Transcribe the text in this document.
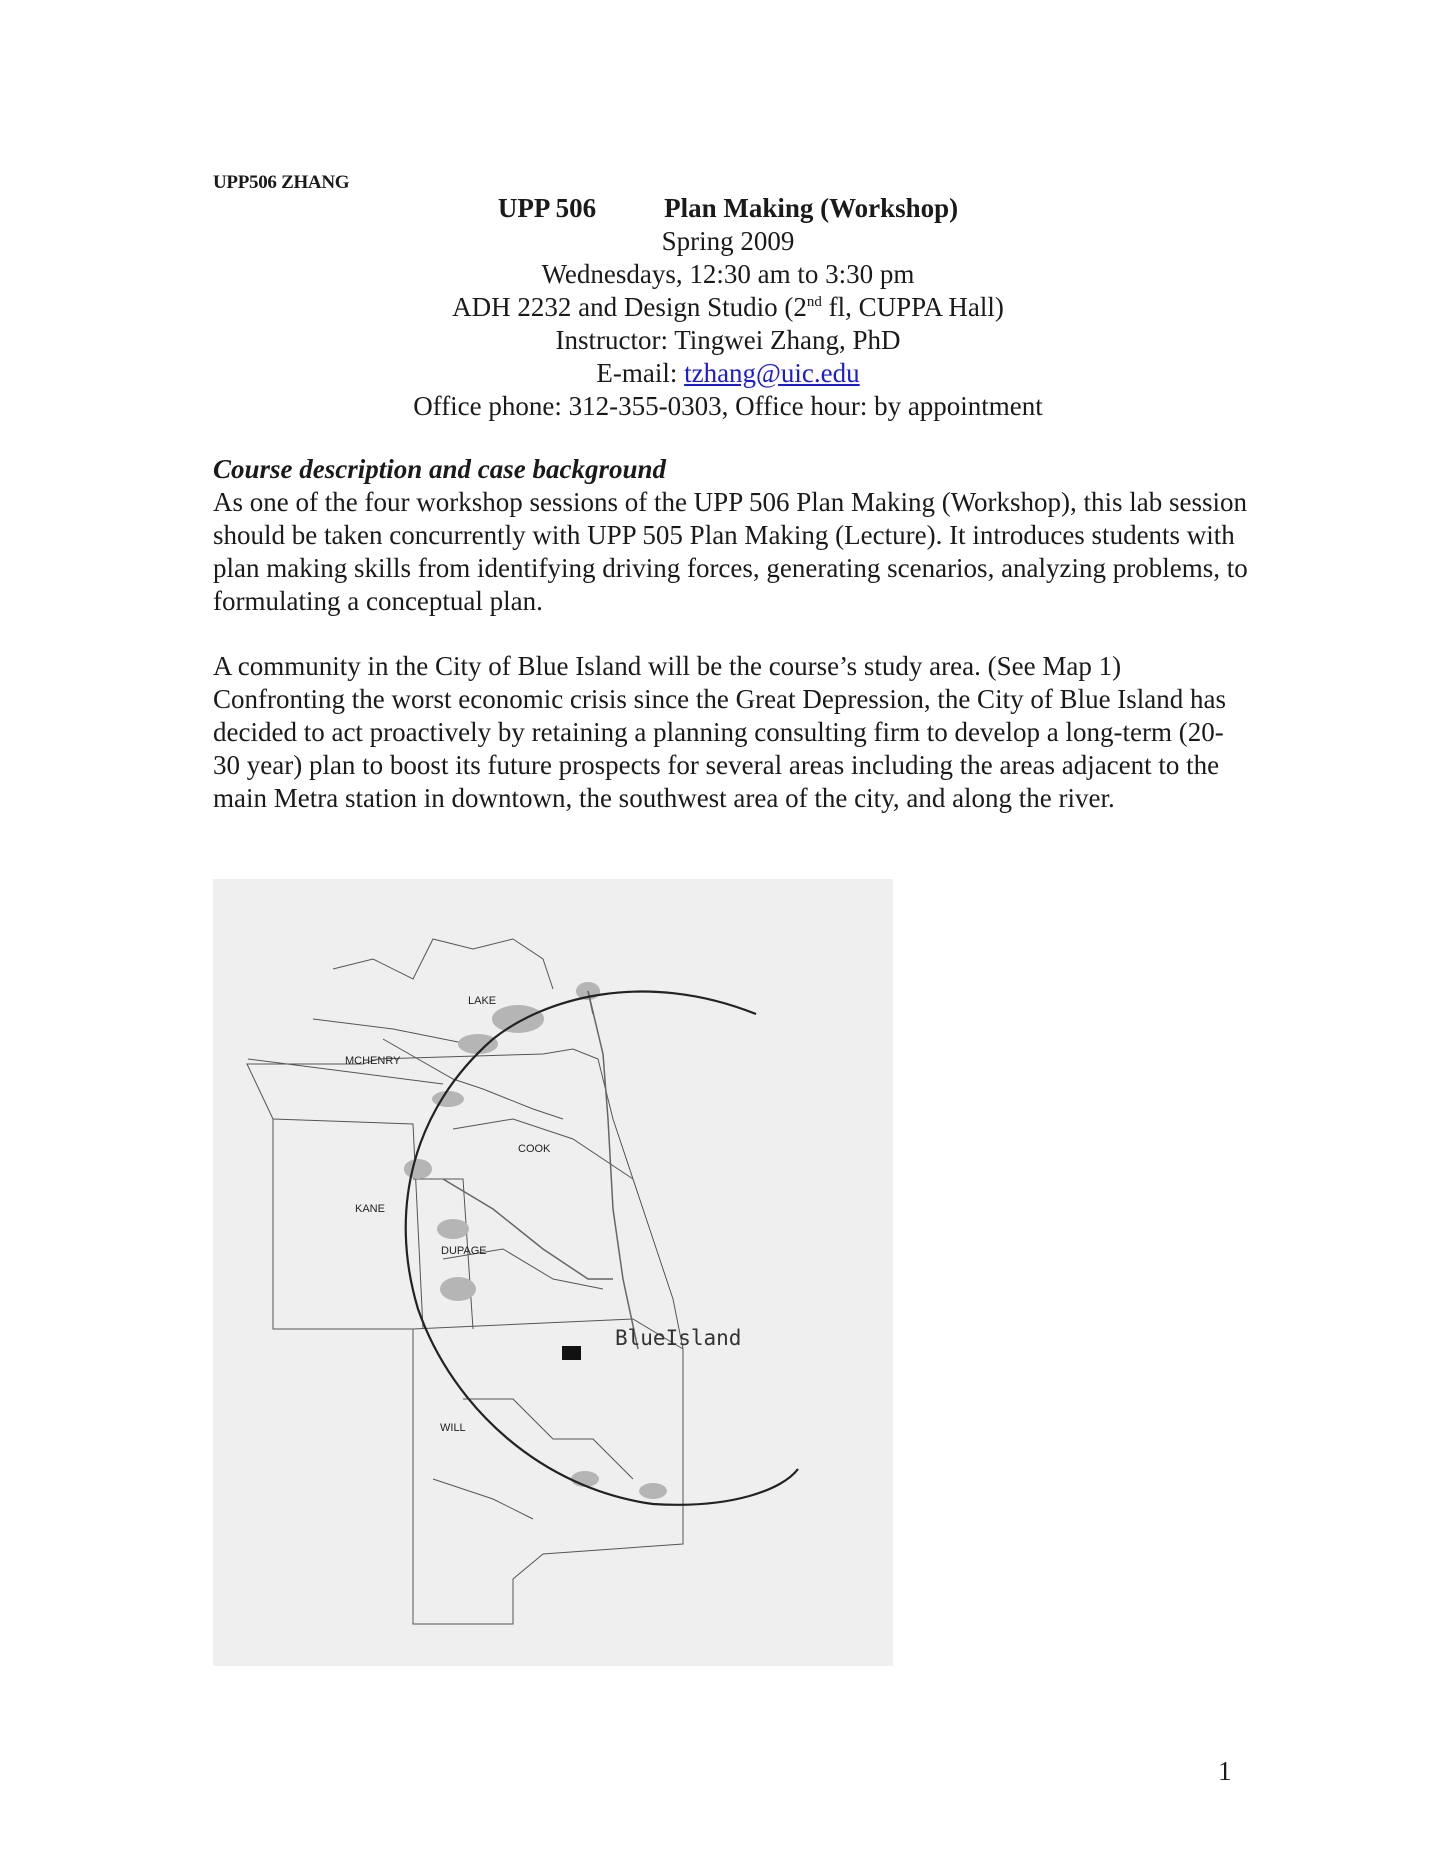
UPP506 ZHANG
UPP 506	Plan Making (Workshop)
Spring 2009
Wednesdays, 12:30 am to 3:30 pm
ADH 2232 and Design Studio (2nd fl, CUPPA Hall)
Instructor: Tingwei Zhang, PhD
E-mail: tzhang@uic.edu
Office phone: 312-355-0303, Office hour: by appointment
Course description and case background
As one of the four workshop sessions of the UPP 506 Plan Making (Workshop), this lab session should be taken concurrently with UPP 505 Plan Making (Lecture). It introduces students with plan making skills from identifying driving forces, generating scenarios, analyzing problems, to formulating a conceptual plan.
A community in the City of Blue Island will be the course’s study area. (See Map 1) Confronting the worst economic crisis since the Great Depression, the City of Blue Island has decided to act proactively by retaining a planning consulting firm to develop a long-term (20- 30 year) plan to boost its future prospects for several areas including the areas adjacent to the main Metra station in downtown, the southwest area of the city, and along the river.
LAKE
MCHENRY
COOK
KANE
DUPAGE
WILL
BlueIsland
1
